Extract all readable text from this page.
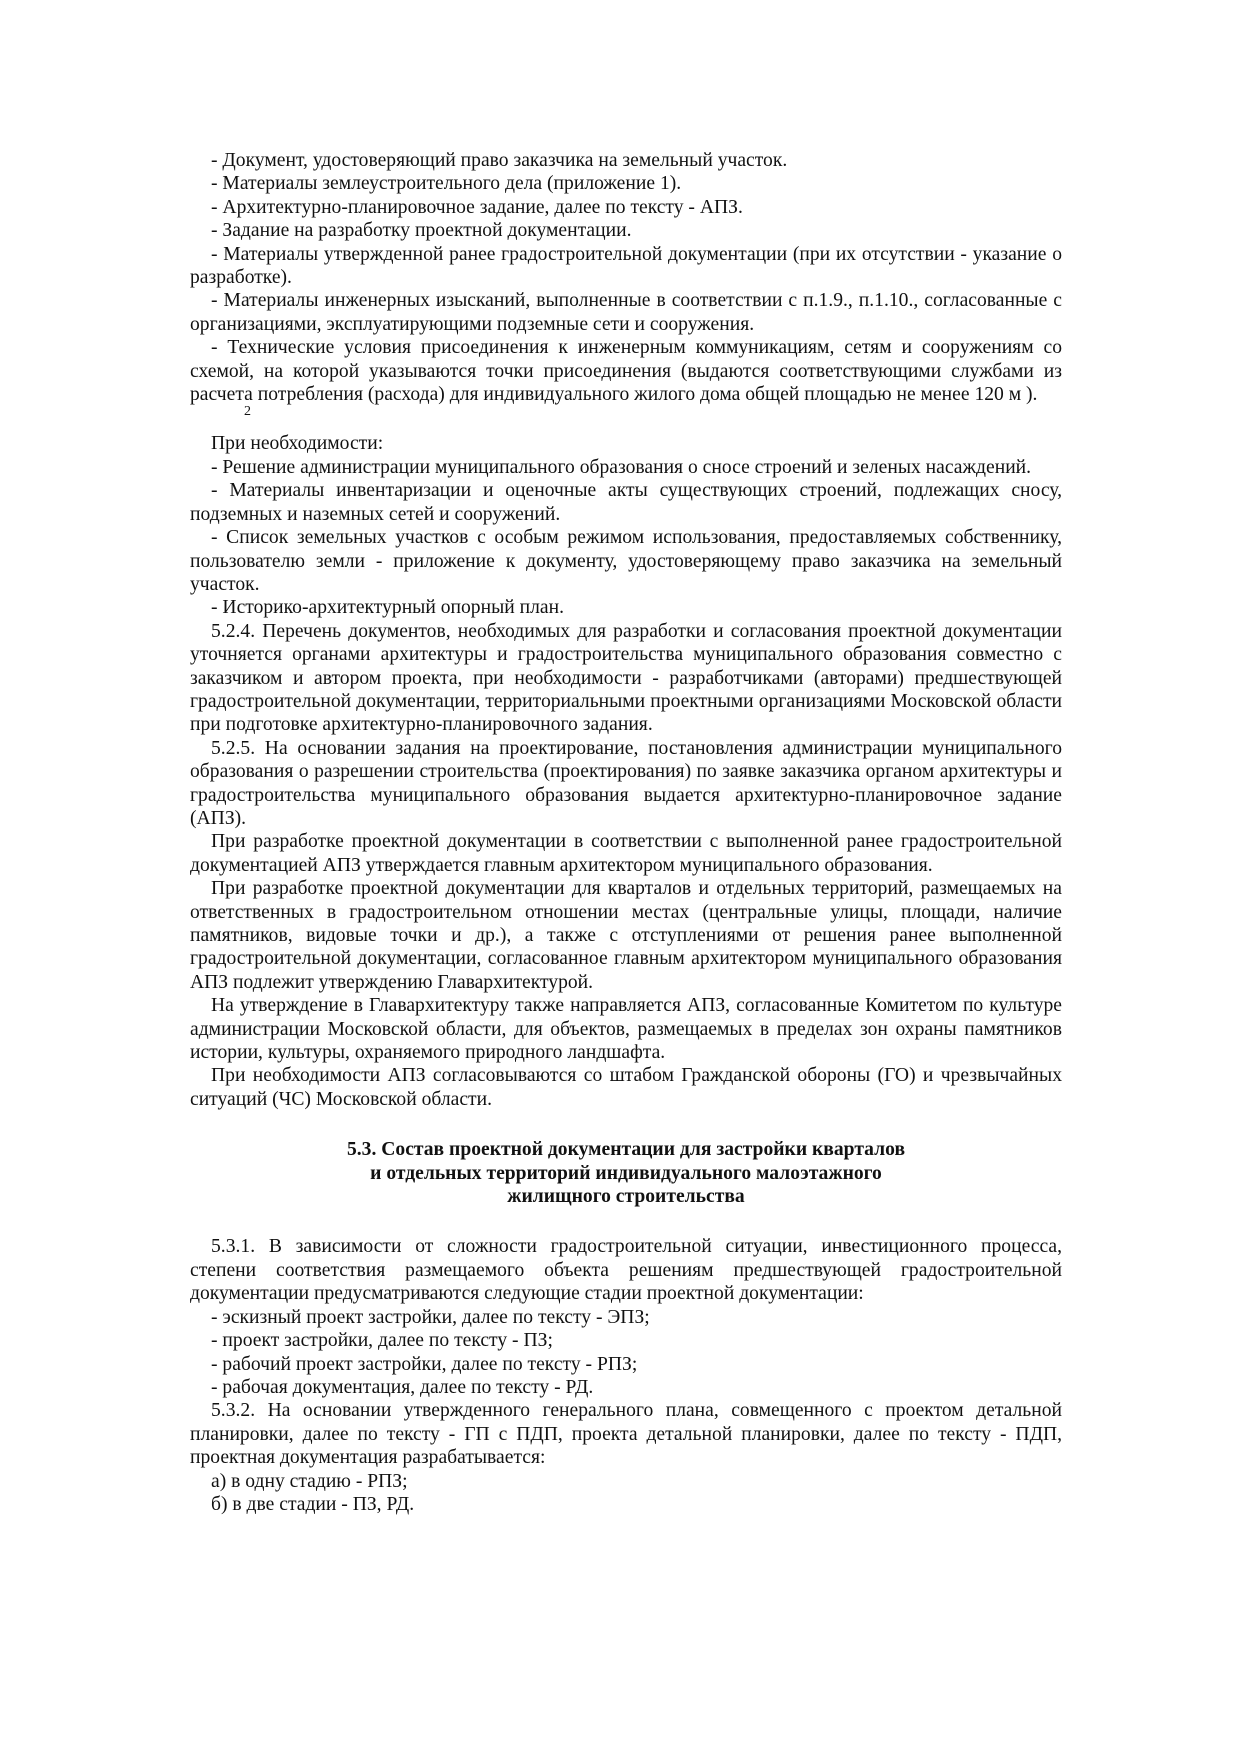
- Документ, удостоверяющий право заказчика на земельный участок.

- Материалы землеустроительного дела (приложение 1).

- Архитектурно-планировочное задание, далее по тексту - АПЗ.

- Задание на разработку проектной документации.

- Материалы утвержденной ранее градостроительной документации (при их отсутствии - указание о разработке).

- Материалы инженерных изысканий, выполненные в соответствии с п.1.9., п.1.10., согласованные с организациями, эксплуатирующими подземные сети и сооружения.

- Технические условия присоединения к инженерным коммуникациям, сетям и сооружениям со схемой, на которой указываются точки присоединения (выдаются соответствующими службами из расчета потребления (расхода) для индивидуального жилого дома общей площадью не менее 120 м ).

2

При необходимости:

- Решение администрации муниципального образования о сносе строений и зеленых насаждений.

- Материалы инвентаризации и оценочные акты существующих строений, подлежащих сносу, подземных и наземных сетей и сооружений.

- Список земельных участков с особым режимом использования, предоставляемых собственнику, пользователю земли - приложение к документу, удостоверяющему право заказчика на земельный участок.

- Историко-архитектурный опорный план.

5.2.4. Перечень документов, необходимых для разработки и согласования проектной документации уточняется органами архитектуры и градостроительства муниципального образования совместно с заказчиком и автором проекта, при необходимости - разработчиками (авторами) предшествующей градостроительной документации, территориальными проектными организациями Московской области при подготовке архитектурно-планировочного задания.

5.2.5. На основании задания на проектирование, постановления администрации муниципального образования о разрешении строительства (проектирования) по заявке заказчика органом архитектуры и градостроительства муниципального образования выдается архитектурно-планировочное задание (АПЗ).

При разработке проектной документации в соответствии с выполненной ранее градостроительной документацией АПЗ утверждается главным архитектором муниципального образования.

При разработке проектной документации для кварталов и отдельных территорий, размещаемых на ответственных в градостроительном отношении местах (центральные улицы, площади, наличие памятников, видовые точки и др.), а также с отступлениями от решения ранее выполненной градостроительной документации, согласованное главным архитектором муниципального образования АПЗ подлежит утверждению Главархитектурой.

На утверждение в Главархитектуру также направляется АПЗ, согласованные Комитетом по культуре администрации Московской области, для объектов, размещаемых в пределах зон охраны памятников истории, культуры, охраняемого природного ландшафта.

При необходимости АПЗ согласовываются со штабом Гражданской обороны (ГО) и чрезвычайных ситуаций (ЧС) Московской области.

5.3. Состав проектной документации для застройки кварталов
и отдельных территорий индивидуального малоэтажного
жилищного строительства

5.3.1. В зависимости от сложности градостроительной ситуации, инвестиционного процесса, степени соответствия размещаемого объекта решениям предшествующей градостроительной документации предусматриваются следующие стадии проектной документации:

- эскизный проект застройки, далее по тексту - ЭПЗ;

- проект застройки, далее по тексту - ПЗ;

- рабочий проект застройки, далее по тексту - РПЗ;

- рабочая документация, далее по тексту - РД.

5.3.2. На основании утвержденного генерального плана, совмещенного с проектом детальной планировки, далее по тексту - ГП с ПДП, проекта детальной планировки, далее по тексту - ПДП, проектная документация разрабатывается:

а) в одну стадию - РПЗ;

б) в две стадии - ПЗ, РД.
